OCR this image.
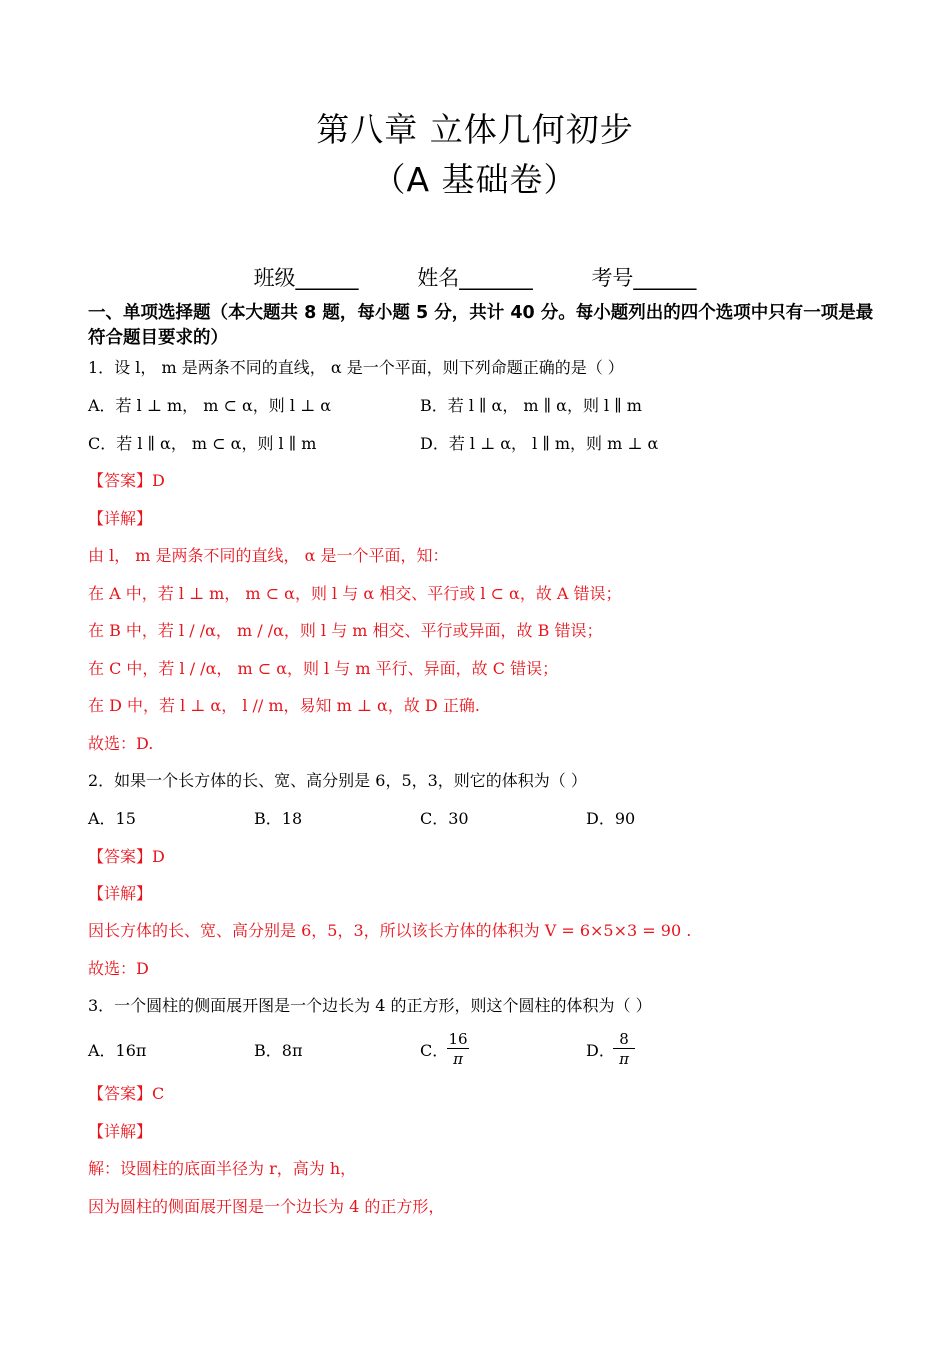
第八章 立体几何初步
（A 基础卷）
班级______	姓名_______	考号______
一、单项选择题（本大题共 8 题，每小题 5 分，共计 40 分。每小题列出的四个选项中只有一项是最符合题目要求的）
1．设 l， m 是两条不同的直线， α 是一个平面，则下列命题正确的是（ ）
A．若 l ⊥ m， m ⊂ α，则 l ⊥ α	B．若 l ∥ α， m ∥ α，则 l ∥ m
C．若 l ∥ α， m ⊂ α，则 l ∥ m	D．若 l ⊥ α， l ∥ m，则 m ⊥ α
【答案】D
【详解】
由 l， m 是两条不同的直线， α 是一个平面，知：
在 A 中，若 l ⊥ m， m ⊂ α，则 l 与 α 相交、平行或 l ⊂ α，故 A 错误；
在 B 中，若 l / /α， m / /α，则 l 与 m 相交、平行或异面，故 B 错误；
在 C 中，若 l / /α， m ⊂ α，则 l 与 m 平行、异面，故 C 错误；
在 D 中，若 l ⊥ α， l // m，易知 m ⊥ α，故 D 正确.
故选：D.
2．如果一个长方体的长、宽、高分别是 6，5，3，则它的体积为（ ）
A．15	B．18	C．30	D．90
【答案】D
【详解】
因长方体的长、宽、高分别是 6，5，3，所以该长方体的体积为 V = 6×5×3 = 90 .
故选：D
3．一个圆柱的侧面展开图是一个边长为 4 的正方形，则这个圆柱的体积为（ ）
A．16π	B．8π	C．
$\frac{16}{\pi}$	D．
$\frac{8}{\pi}$
【答案】C
【详解】
解：设圆柱的底面半径为 r，高为 h，
因为圆柱的侧面展开图是一个边长为 4 的正方形，
